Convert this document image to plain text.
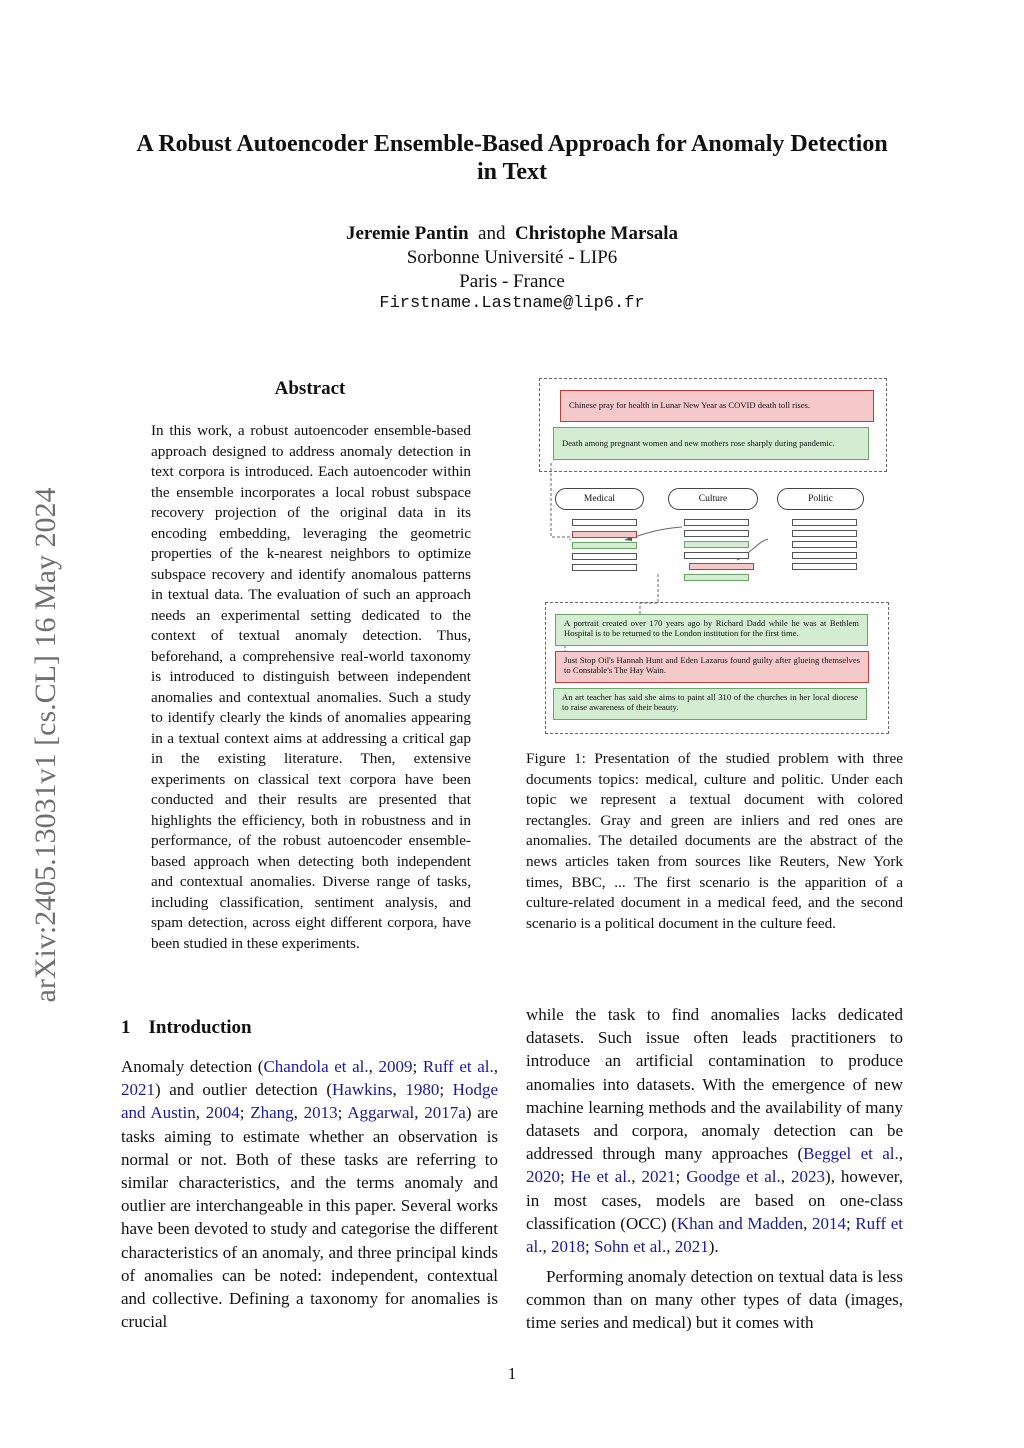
A Robust Autoencoder Ensemble-Based Approach for Anomaly Detection
in Text
Jeremie Pantin and Christophe Marsala
Sorbonne Université - LIP6
Paris - France
Firstname.Lastname@lip6.fr
arXiv:2405.13031v1 [cs.CL] 16 May 2024
Abstract

In this work, a robust autoencoder ensemble-based approach designed to address anomaly detection in text corpora is introduced. Each autoencoder within the ensemble incorporates a local robust subspace recovery projection of the original data in its encoding embedding, leveraging the geometric properties of the k-nearest neighbors to optimize subspace recovery and identify anomalous patterns in textual data. The evaluation of such an approach needs an experimental setting dedicated to the context of textual anomaly detection. Thus, beforehand, a comprehensive real-world taxonomy is introduced to distinguish between independent anomalies and contextual anomalies. Such a study to identify clearly the kinds of anomalies appearing in a textual context aims at addressing a critical gap in the existing literature. Then, extensive experiments on classical text corpora have been conducted and their results are presented that highlights the efficiency, both in robustness and in performance, of the robust autoencoder ensemble-based approach when detecting both independent and contextual anomalies. Diverse range of tasks, including classification, sentiment analysis, and spam detection, across eight different corpora, have been studied in these experiments.

1 Introduction

Anomaly detection (Chandola et al., 2009; Ruff et al., 2021) and outlier detection (Hawkins, 1980; Hodge and Austin, 2004; Zhang, 2013; Aggarwal, 2017a) are tasks aiming to estimate whether an observation is normal or not. Both of these tasks are referring to similar characteristics, and the terms anomaly and outlier are interchangeable in this paper. Several works have been devoted to study and categorise the different characteristics of an anomaly, and three principal kinds of anomalies can be noted: independent, contextual and collective. Defining a taxonomy for anomalies is crucial

Chinese pray for health in Lunar New Year as COVID death toll rises.
Death among pregnant women and new mothers rose sharply during pandemic.
Medical	Culture	Politic
A portrait created over 170 years ago by Richard Dadd while he was at Bethlem Hospital is to be returned to the London institution for the first time.
Just Stop Oil's Hannah Hunt and Eden Lazarus found guilty after glueing themselves to Constable's The Hay Wain.
An art teacher has said she aims to paint all 310 of the churches in her local diocese to raise awareness of their beauty.

Figure 1: Presentation of the studied problem with three documents topics: medical, culture and politic. Under each topic we represent a textual document with colored rectangles. Gray and green are inliers and red ones are anomalies. The detailed documents are the abstract of the news articles taken from sources like Reuters, New York times, BBC, ... The first scenario is the apparition of a culture-related document in a medical feed, and the second scenario is a political document in the culture feed.

while the task to find anomalies lacks dedicated datasets. Such issue often leads practitioners to introduce an artificial contamination to produce anomalies into datasets. With the emergence of new machine learning methods and the availability of many datasets and corpora, anomaly detection can be addressed through many approaches (Beggel et al., 2020; He et al., 2021; Goodge et al., 2023), however, in most cases, models are based on one-class classification (OCC) (Khan and Madden, 2014; Ruff et al., 2018; Sohn et al., 2021).

Performing anomaly detection on textual data is less common than on many other types of data (images, time series and medical) but it comes with

1
